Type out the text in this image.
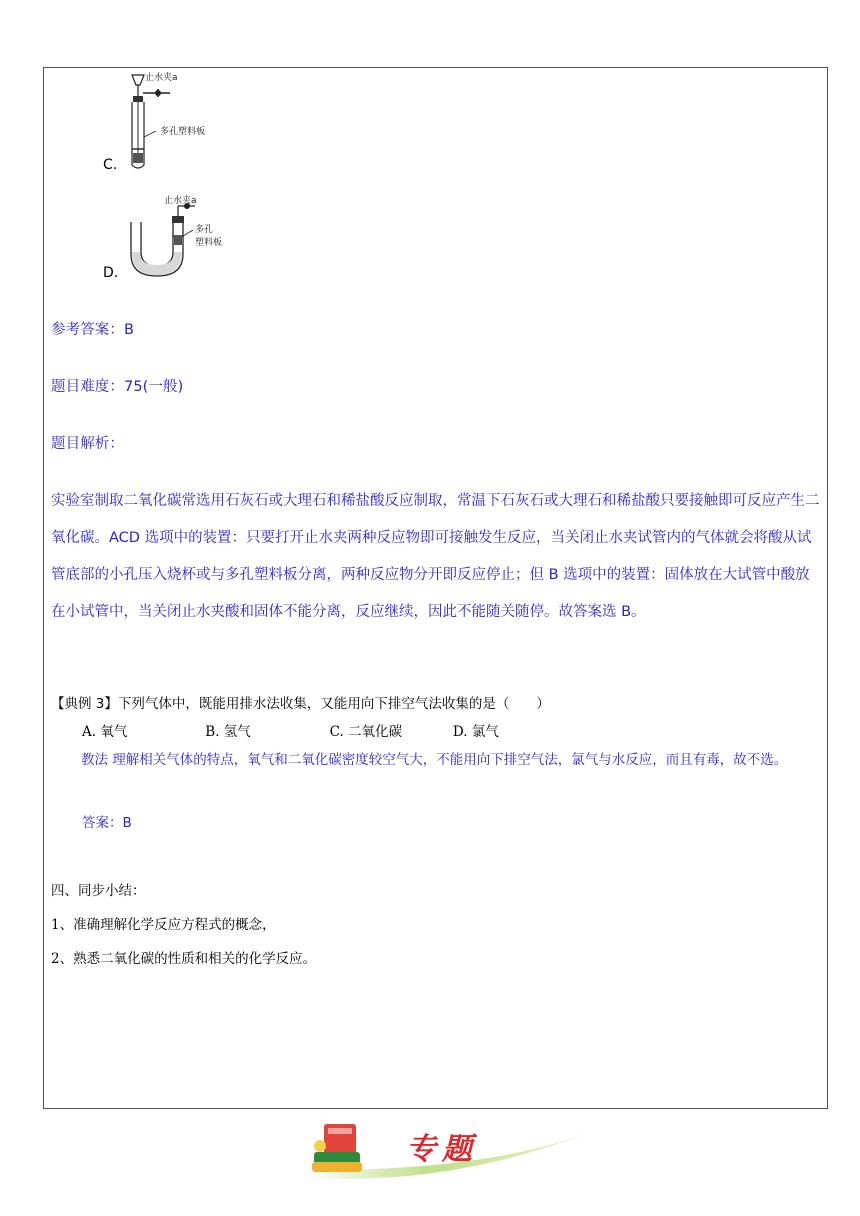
止水夹a
多孔塑料板
C.
止水夹a
多孔
塑料板
D.
参考答案：B
题目难度：75(一般)
题目解析：
实验室制取二氧化碳常选用石灰石或大理石和稀盐酸反应制取，常温下石灰石或大理石和稀盐酸只要接触即可反应产生二氧化碳。ACD 选项中的装置：只要打开止水夹两种反应物即可接触发生反应，当关闭止水夹试管内的气体就会将酸从试管底部的小孔压入烧杯或与多孔塑料板分离，两种反应物分开即反应停止；但 B 选项中的装置：固体放在大试管中酸放在小试管中，当关闭止水夹酸和固体不能分离，反应继续，因此不能随关随停。故答案选 B。
【典例 3】下列气体中，既能用排水法收集，又能用向下排空气法收集的是（　　）
A. 氧气	B. 氢气	C. 二氧化碳	D. 氯气
教法 理解相关气体的特点，氧气和二氧化碳密度较空气大，不能用向下排空气法，氯气与水反应，而且有毒，故不选。
答案：B
四、同步小结：
1、准确理解化学反应方程式的概念，
2、熟悉二氧化碳的性质和相关的化学反应。
专题
